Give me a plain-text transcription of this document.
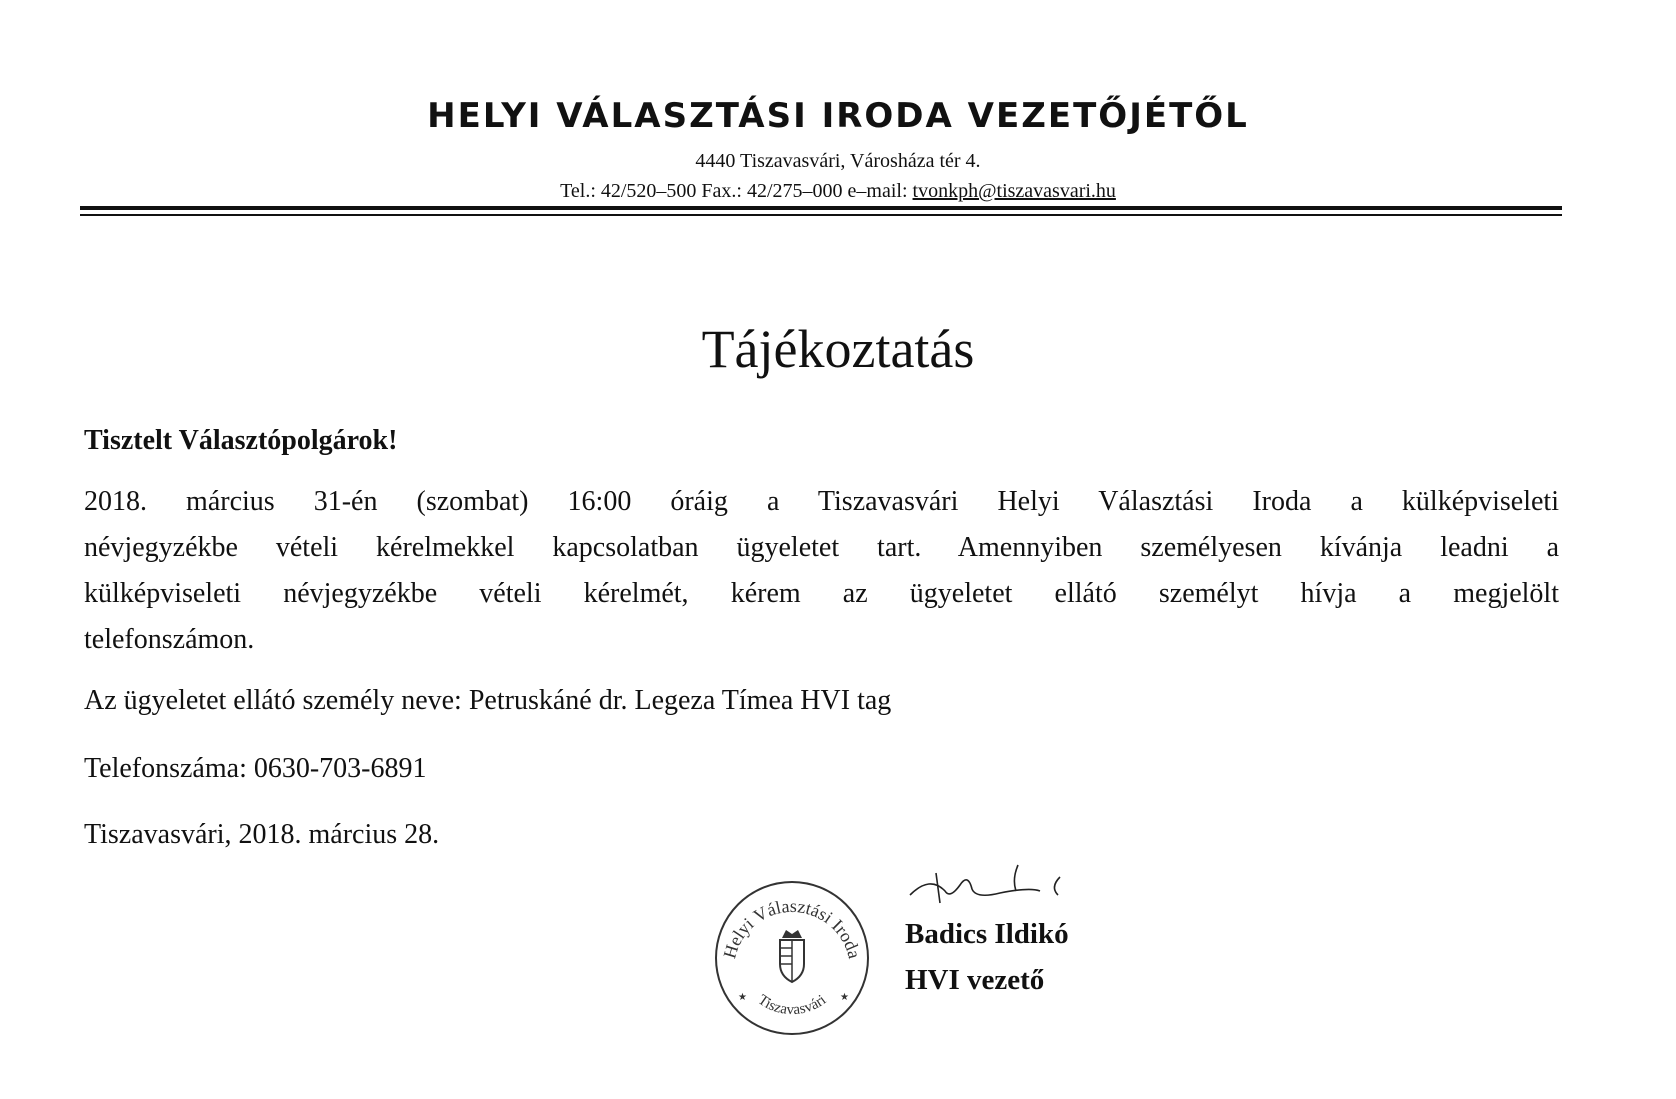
HELYI VÁLASZTÁSI IRODA VEZETŐJÉTŐL
4440 Tiszavasvári, Városháza tér 4.
Tel.: 42/520–500 Fax.: 42/275–000 e–mail: tvonkph@tiszavasvari.hu
Tájékoztatás
Tisztelt Választópolgárok!
2018. március 31-én (szombat) 16:00 óráig a Tiszavasvári Helyi Választási Iroda a külképviseleti
névjegyzékbe vételi kérelmekkel kapcsolatban ügyeletet tart. Amennyiben személyesen kívánja leadni a
külképviseleti névjegyzékbe vételi kérelmét, kérem az ügyeletet ellátó személyt hívja a megjelölt
telefonszámon.
Az ügyeletet ellátó személy neve: Petruskáné dr. Legeza Tímea HVI tag
Telefonszáma: 0630-703-6891
Tiszavasvári, 2018. március 28.
Helyi Választási Iroda
Tiszavasvári
★	★
Badics Ildikó
HVI vezető
